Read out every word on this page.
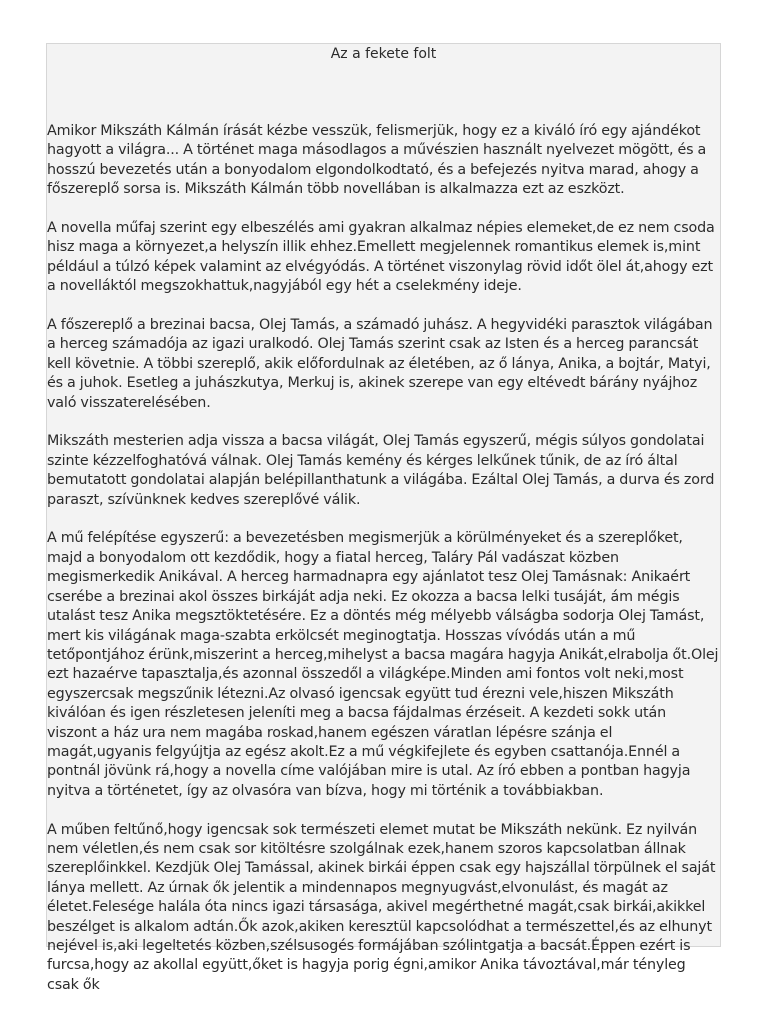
Az a fekete folt

Amikor Mikszáth Kálmán írását kézbe vesszük, felismerjük, hogy ez a kiváló író egy ajándékot hagyott a világra... A történet maga másodlagos a művészien használt nyelvezet mögött, és a hosszú bevezetés után a bonyodalom elgondolkodtató, és a befejezés nyitva marad, ahogy a főszereplő sorsa is. Mikszáth Kálmán több novellában is alkalmazza ezt az eszközt.

A novella műfaj szerint egy elbeszélés ami gyakran alkalmaz népies elemeket,de ez nem csoda hisz maga a környezet,a helyszín illik ehhez.Emellett megjelennek romantikus elemek is,mint például a túlzó képek valamint az elvégyódás. A történet viszonylag rövid időt ölel át,ahogy ezt a novelláktól megszokhattuk,nagyjából egy hét a cselekmény ideje.

A főszereplő a brezinai bacsa, Olej Tamás, a számadó juhász. A hegyvidéki parasztok világában a herceg számadója az igazi uralkodó. Olej Tamás szerint csak az Isten és a herceg parancsát kell követnie. A többi szereplő, akik előfordulnak az életében, az ő lánya, Anika, a bojtár, Matyi, és a juhok. Esetleg a juhászkutya, Merkuj is, akinek szerepe van egy eltévedt bárány nyájhoz való visszaterelésében.

Mikszáth mesterien adja vissza a bacsa világát, Olej Tamás egyszerű, mégis súlyos gondolatai szinte kézzelfoghatóvá válnak. Olej Tamás kemény és kérges lelkűnek tűnik, de az író által bemutatott gondolatai alapján belépillanthatunk a világába. Ezáltal Olej Tamás, a durva és zord paraszt, szívünknek kedves szereplővé válik.

A mű felépítése egyszerű: a bevezetésben megismerjük a körülményeket és a szereplőket, majd a bonyodalom ott kezdődik, hogy a fiatal herceg, Taláry Pál vadászat közben megismerkedik Anikával. A herceg harmadnapra egy ajánlatot tesz Olej Tamásnak: Anikaért cserébe a brezinai akol összes birkáját adja neki. Ez okozza a bacsa lelki tusáját, ám mégis utalást tesz Anika megsztöktetésére. Ez a döntés még mélyebb válságba sodorja Olej Tamást, mert kis világának maga-szabta erkölcsét meginogtatja. Hosszas vívódás után a mű tetőpontjához érünk,miszerint a herceg,mihelyst a bacsa magára hagyja Anikát,elrabolja őt.Olej ezt hazaérve tapasztalja,és azonnal összedől a világképe.Minden ami fontos volt neki,most egyszercsak megszűnik létezni.Az olvasó igencsak együtt tud érezni vele,hiszen Mikszáth kiválóan és igen részletesen jeleníti meg a bacsa fájdalmas érzéseit. A kezdeti sokk után viszont a ház ura nem magába roskad,hanem egészen váratlan lépésre szánja el magát,ugyanis felgyújtja az egész akolt.Ez a mű végkifejlete és egyben csattanója.Ennél a pontnál jövünk rá,hogy a novella címe valójában mire is utal. Az író ebben a pontban hagyja nyitva a történetet, így az olvasóra van bízva, hogy mi történik a továbbiakban.

A műben feltűnő,hogy igencsak sok természeti elemet mutat be Mikszáth nekünk. Ez nyilván nem véletlen,és nem csak sor kitöltésre szolgálnak ezek,hanem szoros kapcsolatban állnak szereplőinkkel. Kezdjük Olej Tamással, akinek birkái éppen csak egy hajszállal törpülnek el saját lánya mellett. Az úrnak ők jelentik a mindennapos megnyugvást,elvonulást, és magát az életet.Felesége halála óta nincs igazi társasága, akivel megérthetné magát,csak birkái,akikkel beszélget is alkalom adtán.Ők azok,akiken keresztül kapcsolódhat a természettel,és az elhunyt nejével is,aki legeltetés közben,szélsusogés formájában szólintgatja a bacsát.Éppen ezért is furcsa,hogy az akollal együtt,őket is hagyja porig égni,amikor Anika távoztával,már tényleg csak ők
